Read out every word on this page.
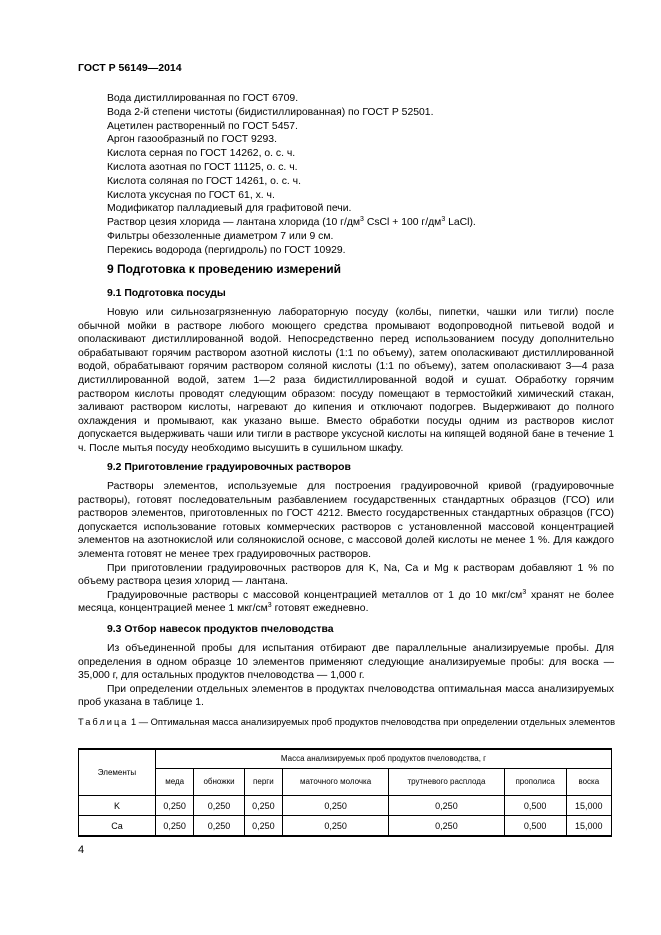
ГОСТ Р 56149—2014
Вода дистиллированная по ГОСТ 6709.
Вода 2-й степени чистоты (бидистиллированная) по ГОСТ Р 52501.
Ацетилен растворенный по ГОСТ 5457.
Аргон газообразный по ГОСТ 9293.
Кислота серная по ГОСТ 14262, о. с. ч.
Кислота азотная по ГОСТ 11125, о. с. ч.
Кислота соляная по ГОСТ 14261, о. с. ч.
Кислота уксусная по ГОСТ 61, х. ч.
Модификатор палладиевый для графитовой печи.
Раствор цезия хлорида — лантана хлорида (10 $г/дм^3$ CsCl + 100 $г/дм^3$ LaCl).
Фильтры обеззоленные диаметром 7 или 9 см.
Перекись водорода (пергидроль) по ГОСТ 10929.
9 Подготовка к проведению измерений
9.1 Подготовка посуды

Новую или сильнозагрязненную лабораторную посуду (колбы, пипетки, чашки или тигли) после обычной мойки в растворе любого моющего средства промывают водопроводной питьевой водой и ополаскивают дистиллированной водой. Непосредственно перед использованием посуду дополнительно обрабатывают горячим раствором азотной кислоты (1:1 по объему), затем ополаскивают дистиллированной водой, обрабатывают горячим раствором соляной кислоты (1:1 по объему), затем ополаскивают 3—4 раза дистиллированной водой, затем 1—2 раза бидистиллированной водой и сушат. Обработку горячим раствором кислоты проводят следующим образом: посуду помещают в термостойкий химический стакан, заливают раствором кислоты, нагревают до кипения и отключают подогрев. Выдерживают до полного охлаждения и промывают, как указано выше. Вместо обработки посуды одним из растворов кислот допускается выдерживать чаши или тигли в растворе уксусной кислоты на кипящей водяной бане в течение 1 ч. После мытья посуду необходимо высушить в сушильном шкафу.

9.2 Приготовление градуировочных растворов

Растворы элементов, используемые для построения градуировочной кривой (градуировочные растворы), готовят последовательным разбавлением государственных стандартных образцов (ГСО) или растворов элементов, приготовленных по ГОСТ 4212. Вместо государственных стандартных образцов (ГСО) допускается использование готовых коммерческих растворов с установленной массовой концентрацией элементов на азотнокислой или солянокислой основе, с массовой долей кислоты не менее 1 %. Для каждого элемента готовят не менее трех градуировочных растворов.

При приготовлении градуировочных растворов для K, Na, Ca и Mg к растворам добавляют 1 % по объему раствора цезия хлорид — лантана.

Градуировочные растворы с массовой концентрацией металлов от 1 до 10 мкг/$см^3$ хранят не более месяца, концентрацией менее 1 мкг/$см^3$ готовят ежедневно.

9.3 Отбор навесок продуктов пчеловодства

Из объединенной пробы для испытания отбирают две параллельные анализируемые пробы. Для определения в одном образце 10 элементов применяют следующие анализируемые пробы: для воска — 35,000 г, для остальных продуктов пчеловодства — 1,000 г.

При определении отдельных элементов в продуктах пчеловодства оптимальная масса анализируемых проб указана в таблице 1.

Таблица 1 — Оптимальная масса анализируемых проб продуктов пчеловодства при определении отдельных элементов
Элементы	Масса анализируемых проб продуктов пчеловодства, г						
	меда	обножки	перги	маточного молочка	трутневого расплода	прополиса	воска
K	0,250	0,250	0,250	0,250	0,250	0,500	15,000
Ca	0,250	0,250	0,250	0,250	0,250	0,500	15,000
4
